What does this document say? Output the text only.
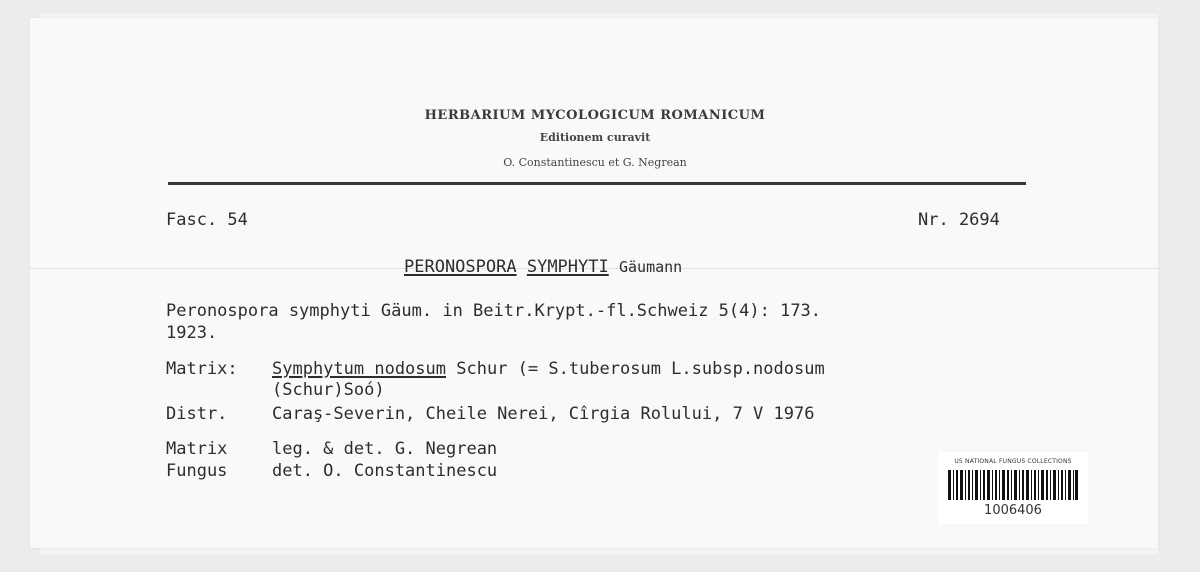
HERBARIUM MYCOLOGICUM ROMANICUM
Editionem curavit
O. Constantinescu et G. Negrean
Fasc. 54	Nr. 2694
PERONOSPORA SYMPHYTI Gäumann
Peronospora symphyti Gäum. in Beitr.Krypt.-fl.Schweiz 5(4): 173.
1923.
Matrix: Symphytum nodosum Schur (= S.tuberosum L.subsp.nodosum
(Schur)Soó)
Distr.	Caraş-Severin, Cheile Nerei, Cîrgia Rolului, 7 V 1976
Matrix	leg. & det. G. Negrean
Fungus	det. O. Constantinescu	US NATIONAL FUNGUS COLLECTIONS
1006406
